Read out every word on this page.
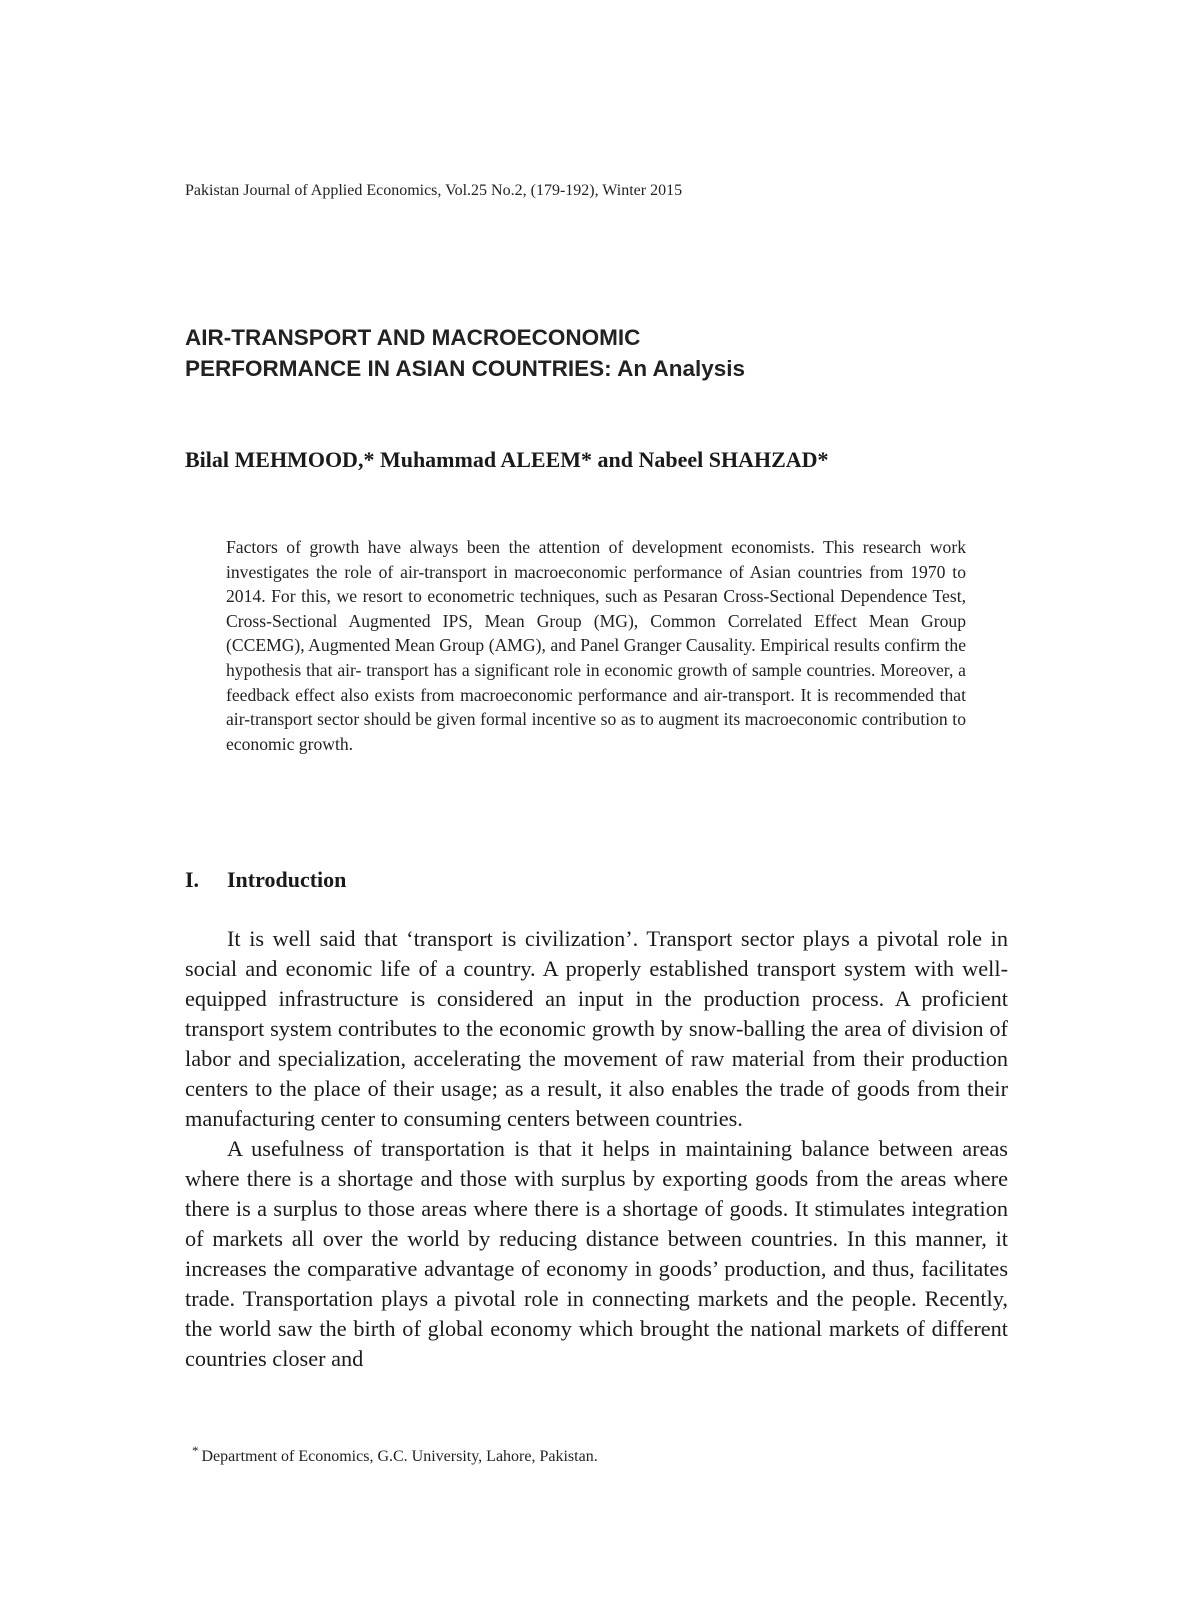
Pakistan Journal of Applied Economics, Vol.25 No.2, (179-192), Winter 2015
AIR-TRANSPORT AND MACROECONOMIC
PERFORMANCE IN ASIAN COUNTRIES: An Analysis
Bilal MEHMOOD,* Muhammad ALEEM* and Nabeel SHAHZAD*
Factors of growth have always been the attention of development economists. This research work investigates the role of air-transport in macroeconomic performance of Asian countries from 1970 to 2014. For this, we resort to econometric techniques, such as Pesaran Cross-Sectional Dependence Test, Cross-Sectional Augmented IPS, Mean Group (MG), Common Correlated Effect Mean Group (CCEMG), Augmented Mean Group (AMG), and Panel Granger Causality. Empirical results confirm the hypothesis that air- transport has a significant role in economic growth of sample countries. Moreover, a feedback effect also exists from macroeconomic performance and air-transport. It is recommended that air-transport sector should be given formal incentive so as to augment its macroeconomic contribution to economic growth.
I. Introduction

It is well said that ‘transport is civilization’. Transport sector plays a pivotal role in social and economic life of a country. A properly established transport system with well-equipped infrastructure is considered an input in the production process. A proficient transport system contributes to the economic growth by snow-balling the area of division of labor and specialization, accelerating the movement of raw material from their production centers to the place of their usage; as a result, it also enables the trade of goods from their manufacturing center to consuming centers between countries.

A usefulness of transportation is that it helps in maintaining balance between areas where there is a shortage and those with surplus by exporting goods from the areas where there is a surplus to those areas where there is a shortage of goods. It stimulates integration of markets all over the world by reducing distance between countries. In this manner, it increases the comparative advantage of economy in goods’ production, and thus, facilitates trade. Transportation plays a pivotal role in connecting markets and the people. Recently, the world saw the birth of global economy which brought the national markets of different countries closer and

* Department of Economics, G.C. University, Lahore, Pakistan.
